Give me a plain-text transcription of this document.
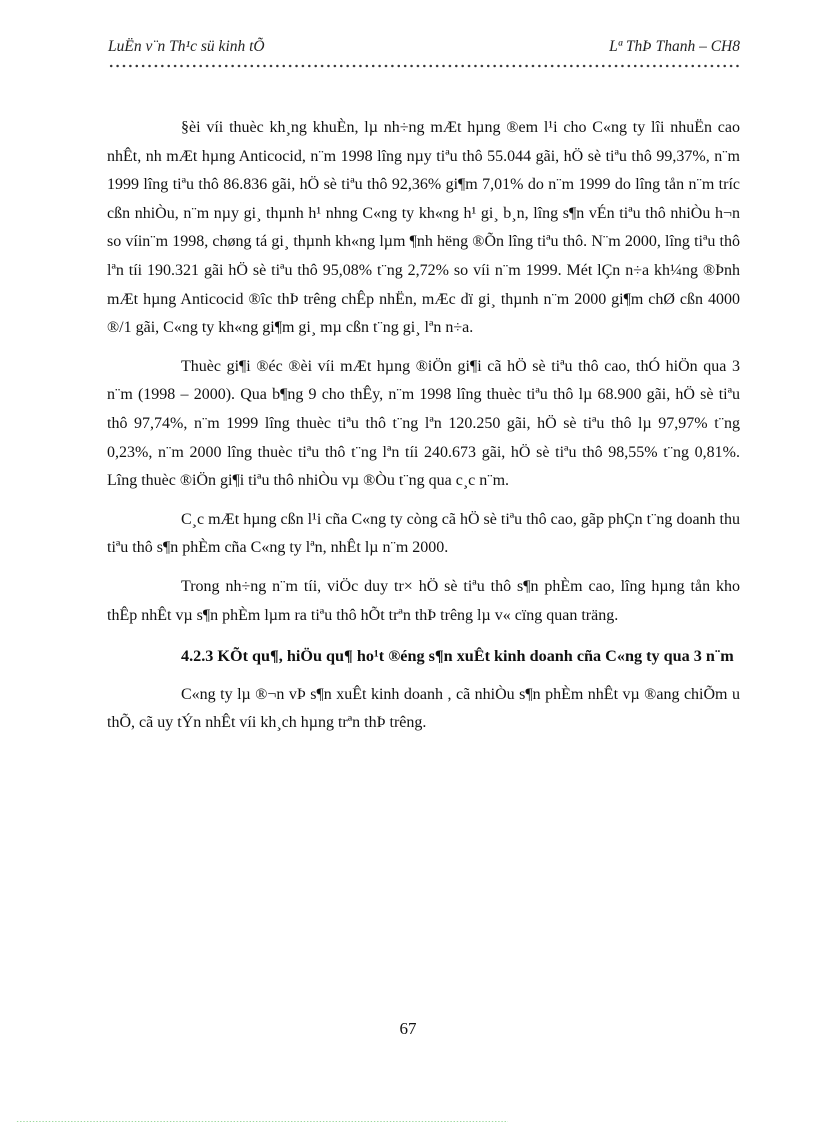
LuËn v¨n Th¹c sü kinh tÕ	Lª ThÞ Thanh – CH8

§èi víi thuèc kh¸ng khuÈn, lµ nh÷ng mÆt hµng ®em l¹i cho C«ng ty lîi nhuËn cao nhÊt, nh mÆt hµng Anticocid, n¨m 1998 lîng nµy tiªu thô 55.044 gãi, hÖ sè tiªu thô 99,37%, n¨m 1999 lîng tiªu thô 86.836 gãi, hÖ sè tiªu thô 92,36% gi¶m 7,01% do n¨m 1999 do lîng tån n¨m tríc cßn nhiÒu, n¨m nµy gi¸ thµnh h¹ nhng C«ng ty kh«ng h¹ gi¸ b¸n, lîng s¶n vÉn tiªu thô nhiÒu h¬n so víin¨m 1998, chøng tá gi¸ thµnh kh«ng lµm ¶nh hëng ®Õn lîng tiªu thô. N¨m 2000, lîng tiªu thô lªn tíi 190.321 gãi hÖ sè tiªu thô 95,08% t¨ng 2,72% so víi n¨m 1999. Mét lÇn n÷a kh¼ng ®Þnh mÆt hµng Anticocid ®îc thÞ trêng chÊp nhËn, mÆc dï gi¸ thµnh n¨m 2000 gi¶m chØ cßn 4000 ®/1 gãi, C«ng ty kh«ng gi¶m gi¸ mµ cßn t¨ng gi¸ lªn n÷a.

Thuèc gi¶i ®éc ®èi víi mÆt hµng ®iÖn gi¶i cã hÖ sè tiªu thô cao, thÓ hiÖn qua 3 n¨m (1998 – 2000). Qua b¶ng 9 cho thÊy, n¨m 1998 lîng thuèc tiªu thô lµ 68.900 gãi, hÖ sè tiªu thô 97,74%, n¨m 1999 lîng thuèc tiªu thô t¨ng lªn 120.250 gãi, hÖ sè tiªu thô lµ 97,97% t¨ng 0,23%, n¨m 2000 lîng thuèc tiªu thô t¨ng lªn tíi 240.673 gãi, hÖ sè tiªu thô 98,55% t¨ng 0,81%. Lîng thuèc ®iÖn gi¶i tiªu thô nhiÒu vµ ®Òu t¨ng qua c¸c n¨m.

C¸c mÆt hµng cßn l¹i cña C«ng ty còng cã hÖ sè tiªu thô cao, gãp phÇn t¨ng doanh thu tiªu thô s¶n phÈm cña C«ng ty lªn, nhÊt lµ n¨m 2000.

Trong nh÷ng n¨m tíi, viÖc duy tr× hÖ sè tiªu thô s¶n phÈm cao, lîng hµng tån kho thÊp nhÊt vµ s¶n phÈm lµm ra tiªu thô hÕt trªn thÞ trêng lµ v« cïng quan träng.

4.2.3 KÕt qu¶, hiÖu qu¶ ho¹t ®éng s¶n xuÊt kinh doanh cña C«ng ty qua 3 n¨m

C«ng ty lµ ®¬n vÞ s¶n xuÊt kinh doanh , cã nhiÒu s¶n phÈm nhÊt vµ ®ang chiÕm u thÕ, cã uy tÝn nhÊt víi kh¸ch hµng trªn thÞ trêng.

67
